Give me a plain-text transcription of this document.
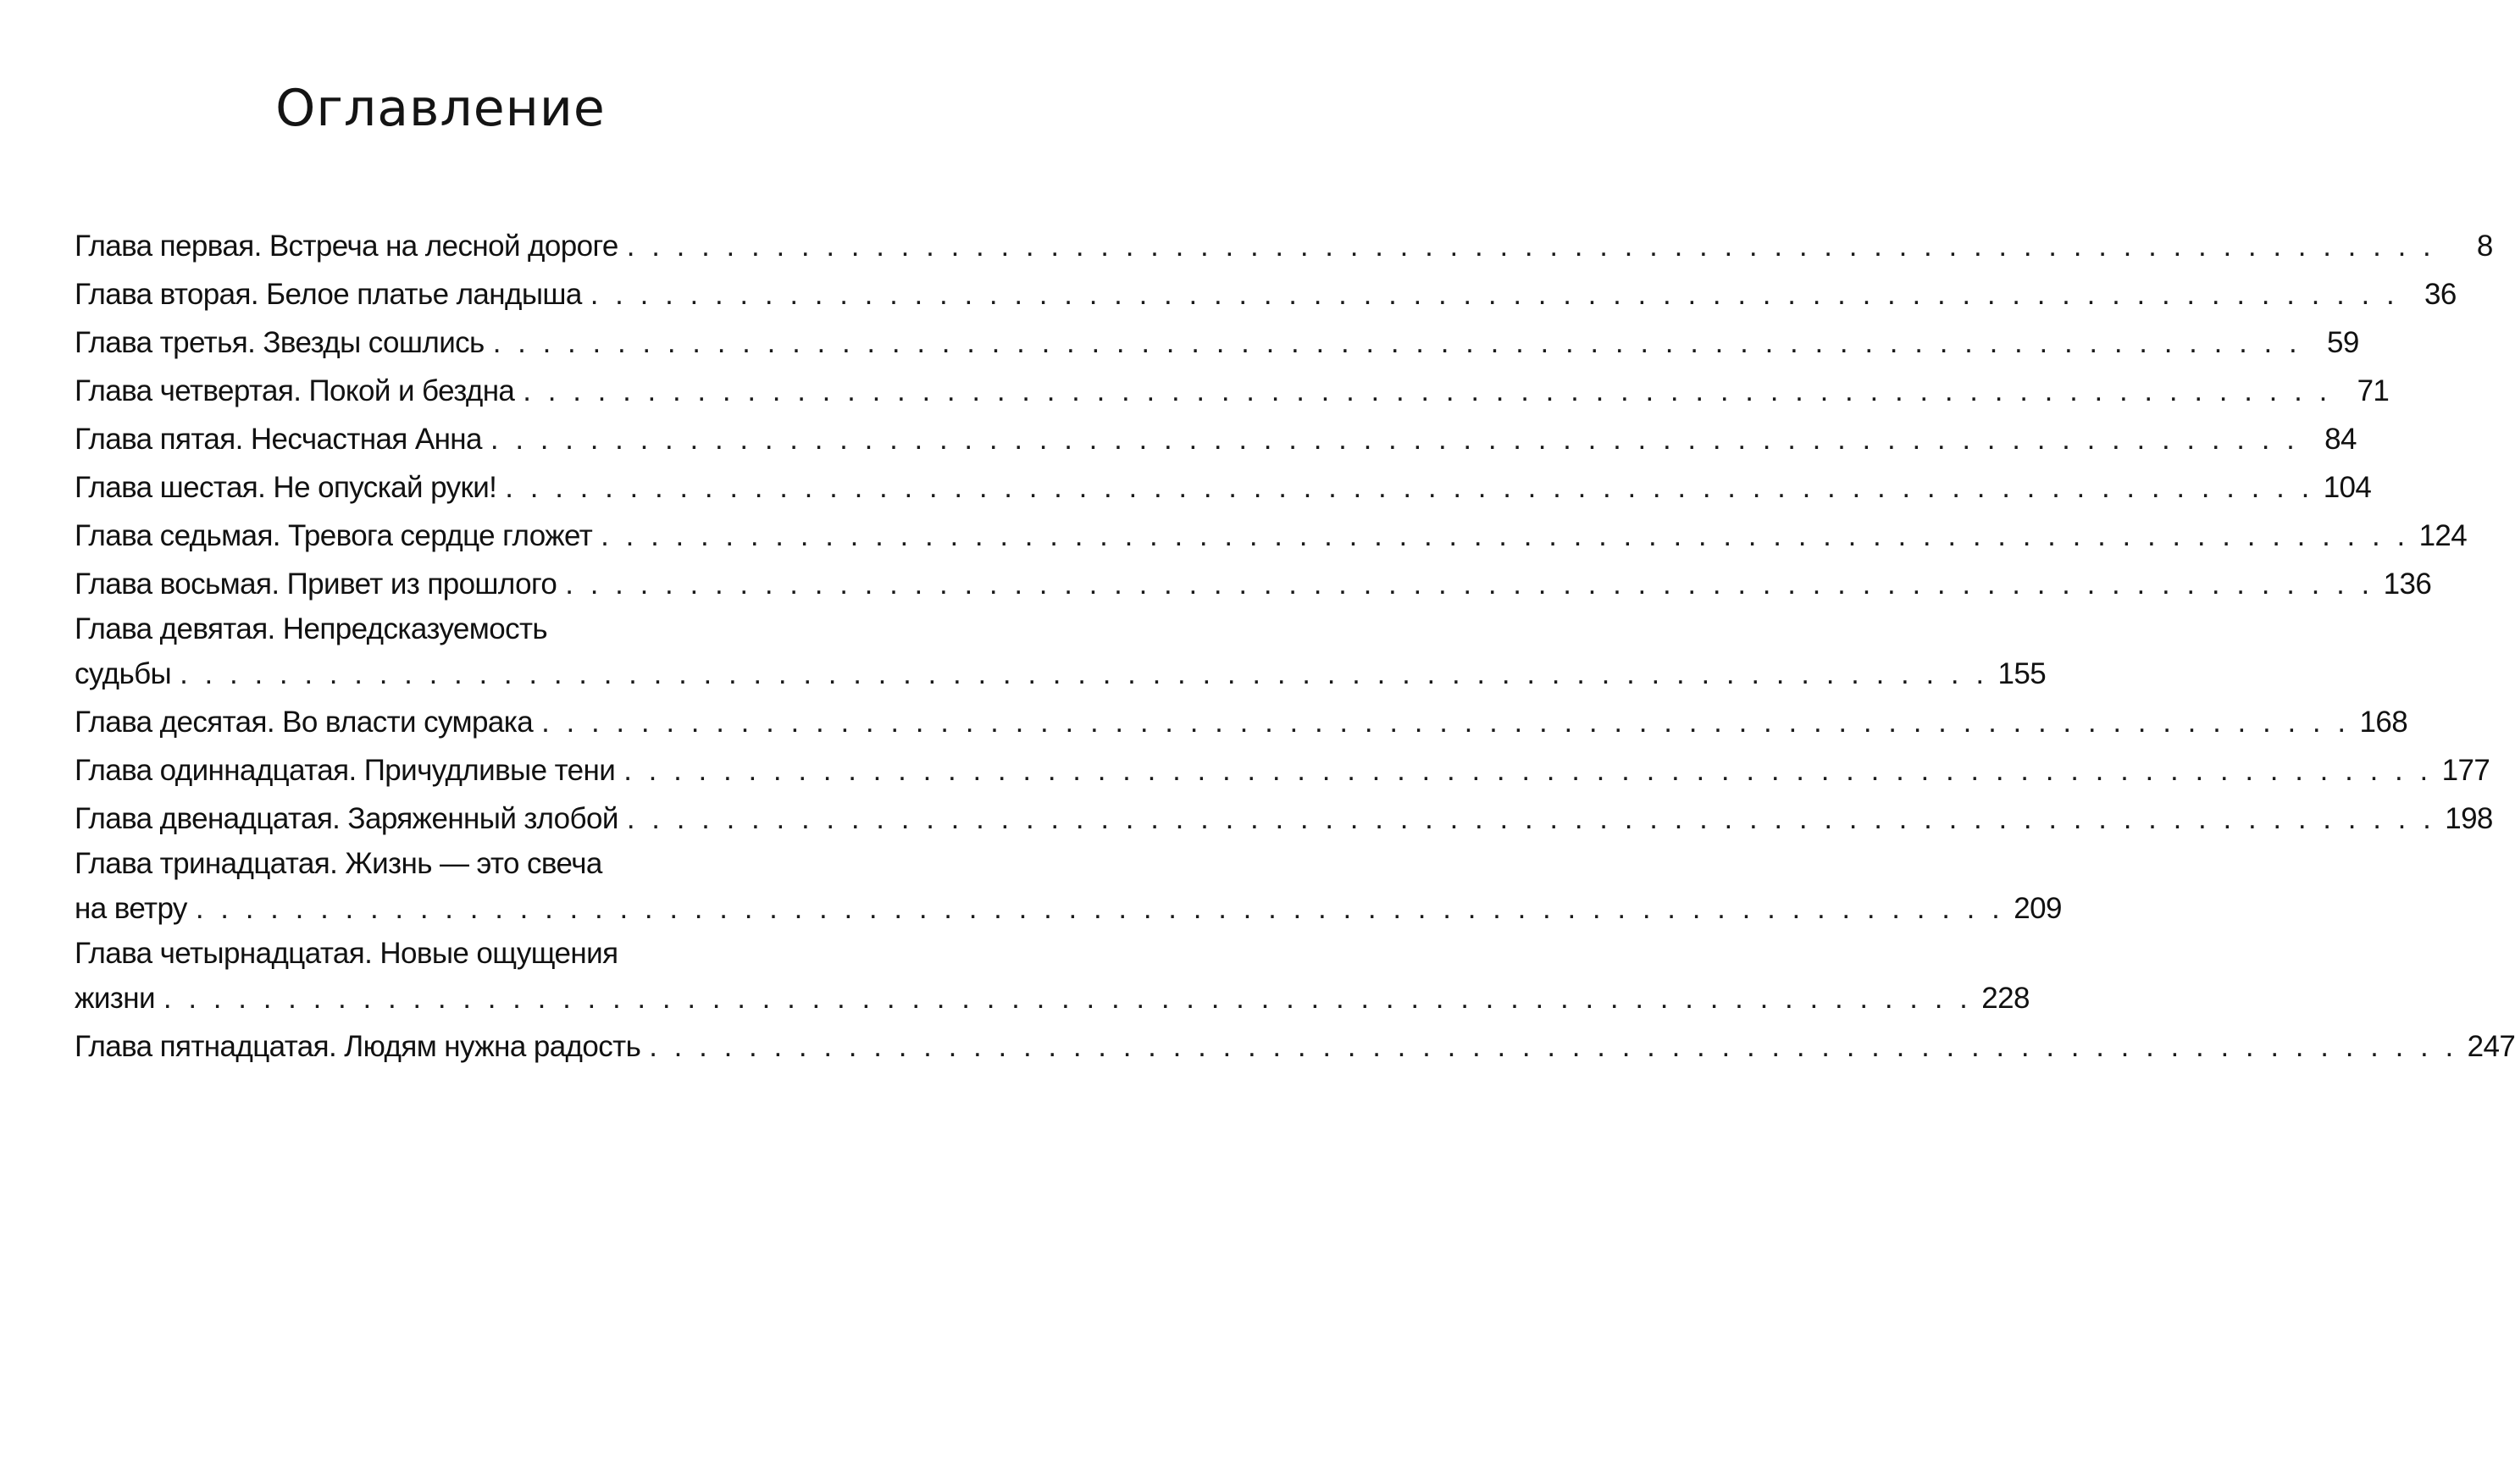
Оглавление
Глава первая. Встреча на лесной дороге . . .	8
Глава вторая. Белое платье ландыша . . .	36
Глава третья. Звезды сошлись . . .	59
Глава четвертая. Покой и бездна . . .	71
Глава пятая. Несчастная Анна . . .	84
Глава шестая. Не опускай руки! . . .	104
Глава седьмая. Тревога сердце гложет . . .	124
Глава восьмая. Привет из прошлого . . .	136
Глава девятая. Непредсказуемость
судьбы . . .	155
Глава десятая. Во власти сумрака . . .	168
Глава одиннадцатая. Причудливые тени . . .	177
Глава двенадцатая. Заряженный злобой . . .	198
Глава тринадцатая. Жизнь — это свеча
на ветру . . .	209
Глава четырнадцатая. Новые ощущения
жизни . . .	228
Глава пятнадцатая. Людям нужна радость . . .	247
